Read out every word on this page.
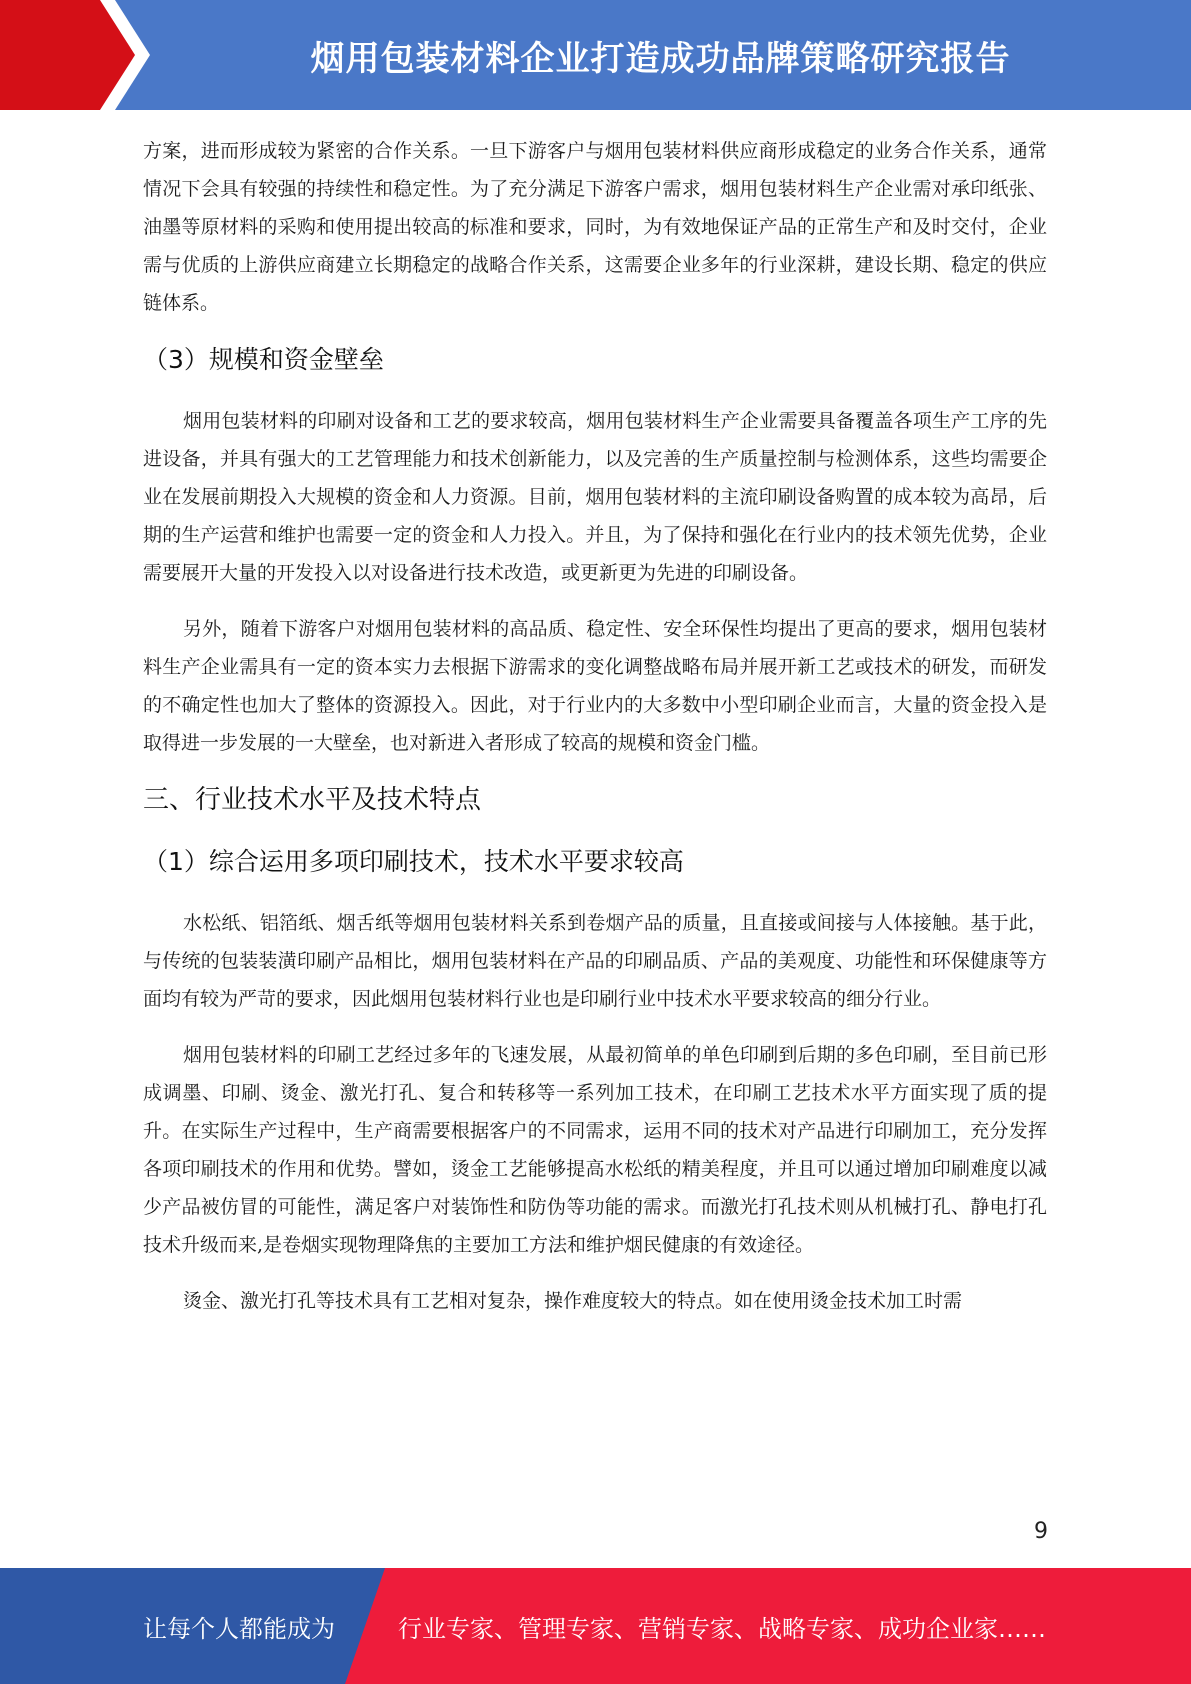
烟用包装材料企业打造成功品牌策略研究报告

方案，进而形成较为紧密的合作关系。一旦下游客户与烟用包装材料供应商形成稳定的业务合作关系，通常情况下会具有较强的持续性和稳定性。为了充分满足下游客户需求，烟用包装材料生产企业需对承印纸张、油墨等原材料的采购和使用提出较高的标准和要求，同时，为有效地保证产品的正常生产和及时交付，企业需与优质的上游供应商建立长期稳定的战略合作关系，这需要企业多年的行业深耕，建设长期、稳定的供应链体系。

（3）规模和资金壁垒

烟用包装材料的印刷对设备和工艺的要求较高，烟用包装材料生产企业需要具备覆盖各项生产工序的先进设备，并具有强大的工艺管理能力和技术创新能力，以及完善的生产质量控制与检测体系，这些均需要企业在发展前期投入大规模的资金和人力资源。目前，烟用包装材料的主流印刷设备购置的成本较为高昂，后期的生产运营和维护也需要一定的资金和人力投入。并且，为了保持和强化在行业内的技术领先优势，企业需要展开大量的开发投入以对设备进行技术改造，或更新更为先进的印刷设备。

另外，随着下游客户对烟用包装材料的高品质、稳定性、安全环保性均提出了更高的要求，烟用包装材料生产企业需具有一定的资本实力去根据下游需求的变化调整战略布局并展开新工艺或技术的研发，而研发的不确定性也加大了整体的资源投入。因此，对于行业内的大多数中小型印刷企业而言，大量的资金投入是取得进一步发展的一大壁垒，也对新进入者形成了较高的规模和资金门槛。

三、行业技术水平及技术特点
（1）综合运用多项印刷技术，技术水平要求较高

水松纸、铝箔纸、烟舌纸等烟用包装材料关系到卷烟产品的质量，且直接或间接与人体接触。基于此，与传统的包装装潢印刷产品相比，烟用包装材料在产品的印刷品质、产品的美观度、功能性和环保健康等方面均有较为严苛的要求，因此烟用包装材料行业也是印刷行业中技术水平要求较高的细分行业。

烟用包装材料的印刷工艺经过多年的飞速发展，从最初简单的单色印刷到后期的多色印刷，至目前已形成调墨、印刷、烫金、激光打孔、复合和转移等一系列加工技术，在印刷工艺技术水平方面实现了质的提升。在实际生产过程中，生产商需要根据客户的不同需求，运用不同的技术对产品进行印刷加工，充分发挥各项印刷技术的作用和优势。譬如，烫金工艺能够提高水松纸的精美程度，并且可以通过增加印刷难度以减少产品被仿冒的可能性，满足客户对装饰性和防伪等功能的需求。而激光打孔技术则从机械打孔、静电打孔技术升级而来,是卷烟实现物理降焦的主要加工方法和维护烟民健康的有效途径。

烫金、激光打孔等技术具有工艺相对复杂，操作难度较大的特点。如在使用烫金技术加工时需

9
让每个人都能成为	行业专家、管理专家、营销专家、战略专家、成功企业家……
